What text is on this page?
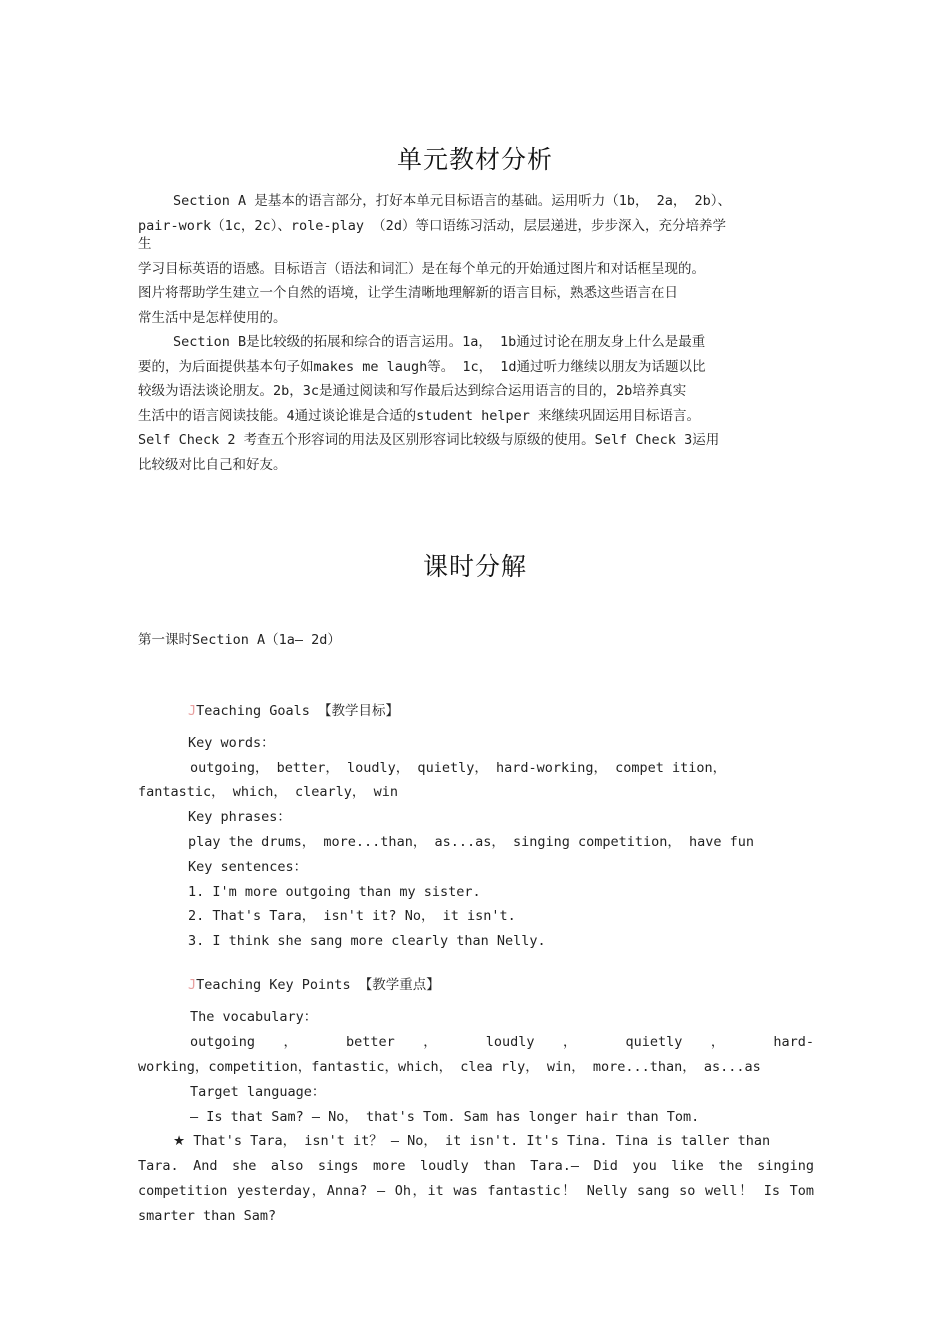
单元教材分析
Section A 是基本的语言部分，打好本单元目标语言的基础。运用听力（1b， 2a， 2b）、
pair-work（1c，2c）、role-play （2d）等口语练习活动，层层递进，步步深入，充分培养学
生
学习目标英语的语感。目标语言（语法和词汇）是在每个单元的开始通过图片和对话框呈现的。
图片将帮助学生建立一个自然的语境，让学生清晰地理解新的语言目标，熟悉这些语言在日
常生活中是怎样使用的。
Section B是比较级的拓展和综合的语言运用。1a， 1b通过讨论在朋友身上什么是最重
要的，为后面提供基本句子如makes me laugh等。 1c， 1d通过听力继续以朋友为话题以比
较级为语法谈论朋友。2b，3c是通过阅读和写作最后达到综合运用语言的目的，2b培养真实
生活中的语言阅读技能。4通过谈论谁是合适的student helper 来继续巩固运用目标语言。
Self Check 2 考查五个形容词的用法及区别形容词比较级与原级的使用。Self Check 3运用
比较级对比自己和好友。
课时分解
第一课时Section A（1a— 2d）
JTeaching Goals 【教学目标】
Key words：
outgoing， better， loudly， quietly， hard-working， compet ition，
fantastic， which， clearly， win
Key phrases：
play the drums， more...than， as...as， singing competition， have fun
Key sentences：
1. I'm more outgoing than my sister.
2. That's Tara， isn't it? No， it isn't.
3. I think she sang more clearly than Nelly.
JTeaching Key Points 【教学重点】
The vocabulary：
outgoing ， better ， loudly ， quietly ， hard-
working，competition，fantastic，which， clea rly， win， more...than， as...as
Target language：
— Is that Sam? — No， that's Tom. Sam has longer hair than Tom.
★ That's Tara， isn't it？ — No， it isn't. It's Tina. Tina is taller than
Tara. And she also sings more loudly than Tara.— Did you like the singing
competition yesterday，Anna? — Oh，it was fantastic！ Nelly sang so well！ Is Tom
smarter than Sam?
